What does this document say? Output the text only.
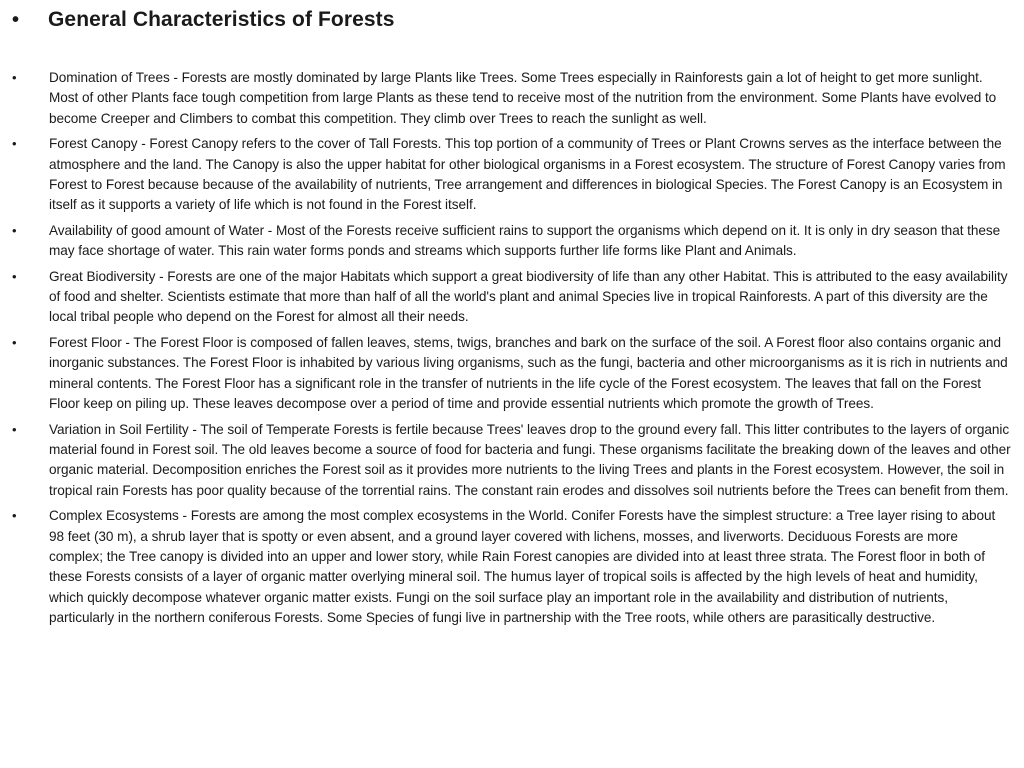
•	General Characteristics of Forests
•	Domination of Trees - Forests are mostly dominated by large Plants like Trees. Some Trees especially in Rainforests gain a lot of height to get more sunlight. Most of other Plants face tough competition from large Plants as these tend to receive most of the nutrition from the environment. Some Plants have evolved to become Creeper and Climbers to combat this competition. They climb over Trees to reach the sunlight as well.
•	Forest Canopy - Forest Canopy refers to the cover of Tall Forests. This top portion of a community of Trees or Plant Crowns serves as the interface between the atmosphere and the land. The Canopy is also the upper habitat for other biological organisms in a Forest ecosystem. The structure of Forest Canopy varies from Forest to Forest because because of the availability of nutrients, Tree arrangement and differences in biological Species. The Forest Canopy is an Ecosystem in itself as it supports a variety of life which is not found in the Forest itself.
•	Availability of good amount of Water - Most of the Forests receive sufficient rains to support the organisms which depend on it. It is only in dry season that these may face shortage of water. This rain water forms ponds and streams which supports further life forms like Plant and Animals.
•	Great Biodiversity - Forests are one of the major Habitats which support a great biodiversity of life than any other Habitat. This is attributed to the easy availability of food and shelter. Scientists estimate that more than half of all the world's plant and animal Species live in tropical Rainforests. A part of this diversity are the local tribal people who depend on the Forest for almost all their needs.
•	Forest Floor - The Forest Floor is composed of fallen leaves, stems, twigs, branches and bark on the surface of the soil. A Forest floor also contains organic and inorganic substances. The Forest Floor is inhabited by various living organisms, such as the fungi, bacteria and other microorganisms as it is rich in nutrients and mineral contents. The Forest Floor has a significant role in the transfer of nutrients in the life cycle of the Forest ecosystem. The leaves that fall on the Forest Floor keep on piling up. These leaves decompose over a period of time and provide essential nutrients which promote the growth of Trees.
•	Variation in Soil Fertility - The soil of Temperate Forests is fertile because Trees' leaves drop to the ground every fall. This litter contributes to the layers of organic material found in Forest soil. The old leaves become a source of food for bacteria and fungi. These organisms facilitate the breaking down of the leaves and other organic material. Decomposition enriches the Forest soil as it provides more nutrients to the living Trees and plants in the Forest ecosystem. However, the soil in tropical rain Forests has poor quality because of the torrential rains. The constant rain erodes and dissolves soil nutrients before the Trees can benefit from them.
•	Complex Ecosystems - Forests are among the most complex ecosystems in the World. Conifer Forests have the simplest structure: a Tree layer rising to about 98 feet (30 m), a shrub layer that is spotty or even absent, and a ground layer covered with lichens, mosses, and liverworts. Deciduous Forests are more complex; the Tree canopy is divided into an upper and lower story, while Rain Forest canopies are divided into at least three strata. The Forest floor in both of these Forests consists of a layer of organic matter overlying mineral soil. The humus layer of tropical soils is affected by the high levels of heat and humidity, which quickly decompose whatever organic matter exists. Fungi on the soil surface play an important role in the availability and distribution of nutrients, particularly in the northern coniferous Forests. Some Species of fungi live in partnership with the Tree roots, while others are parasitically destructive.
